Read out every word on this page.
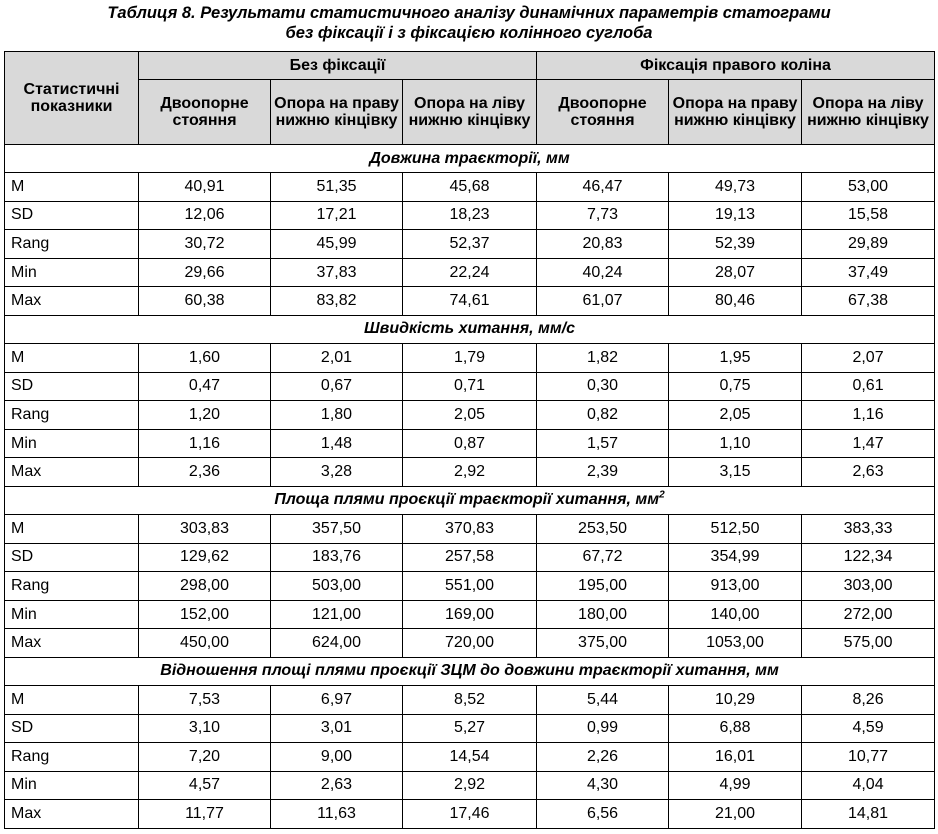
Таблиця 8. Результати статистичного аналізу динамічних параметрів статограми
без фіксації і з фіксацією колінного суглоба
Статистичні показники	Без фіксації			Фіксація правого коліна		
	Двоопорне стояння	Опора на праву нижню кінцівку	Опора на ліву нижню кінцівку	Двоопорне стояння	Опора на праву нижню кінцівку	Опора на ліву нижню кінцівку
Довжина траєкторії, мм						
M	40,91	51,35	45,68	46,47	49,73	53,00
SD	12,06	17,21	18,23	7,73	19,13	15,58
Rang	30,72	45,99	52,37	20,83	52,39	29,89
Min	29,66	37,83	22,24	40,24	28,07	37,49
Max	60,38	83,82	74,61	61,07	80,46	67,38
Швидкість хитання, мм/с						
M	1,60	2,01	1,79	1,82	1,95	2,07
SD	0,47	0,67	0,71	0,30	0,75	0,61
Rang	1,20	1,80	2,05	0,82	2,05	1,16
Min	1,16	1,48	0,87	1,57	1,10	1,47
Max	2,36	3,28	2,92	2,39	3,15	2,63
Площа плями проєкції траєкторії хитання, $мм^2$
M	303,83	357,50	370,83	253,50	512,50	383,33
SD	129,62	183,76	257,58	67,72	354,99	122,34
Rang	298,00	503,00	551,00	195,00	913,00	303,00
Min	152,00	121,00	169,00	180,00	140,00	272,00
Max	450,00	624,00	720,00	375,00	1053,00	575,00
Відношення площі плями проєкції ЗЦМ до довжини траєкторії хитання, мм						
M	7,53	6,97	8,52	5,44	10,29	8,26
SD	3,10	3,01	5,27	0,99	6,88	4,59
Rang	7,20	9,00	14,54	2,26	16,01	10,77
Min	4,57	2,63	2,92	4,30	4,99	4,04
Max	11,77	11,63	17,46	6,56	21,00	14,81
